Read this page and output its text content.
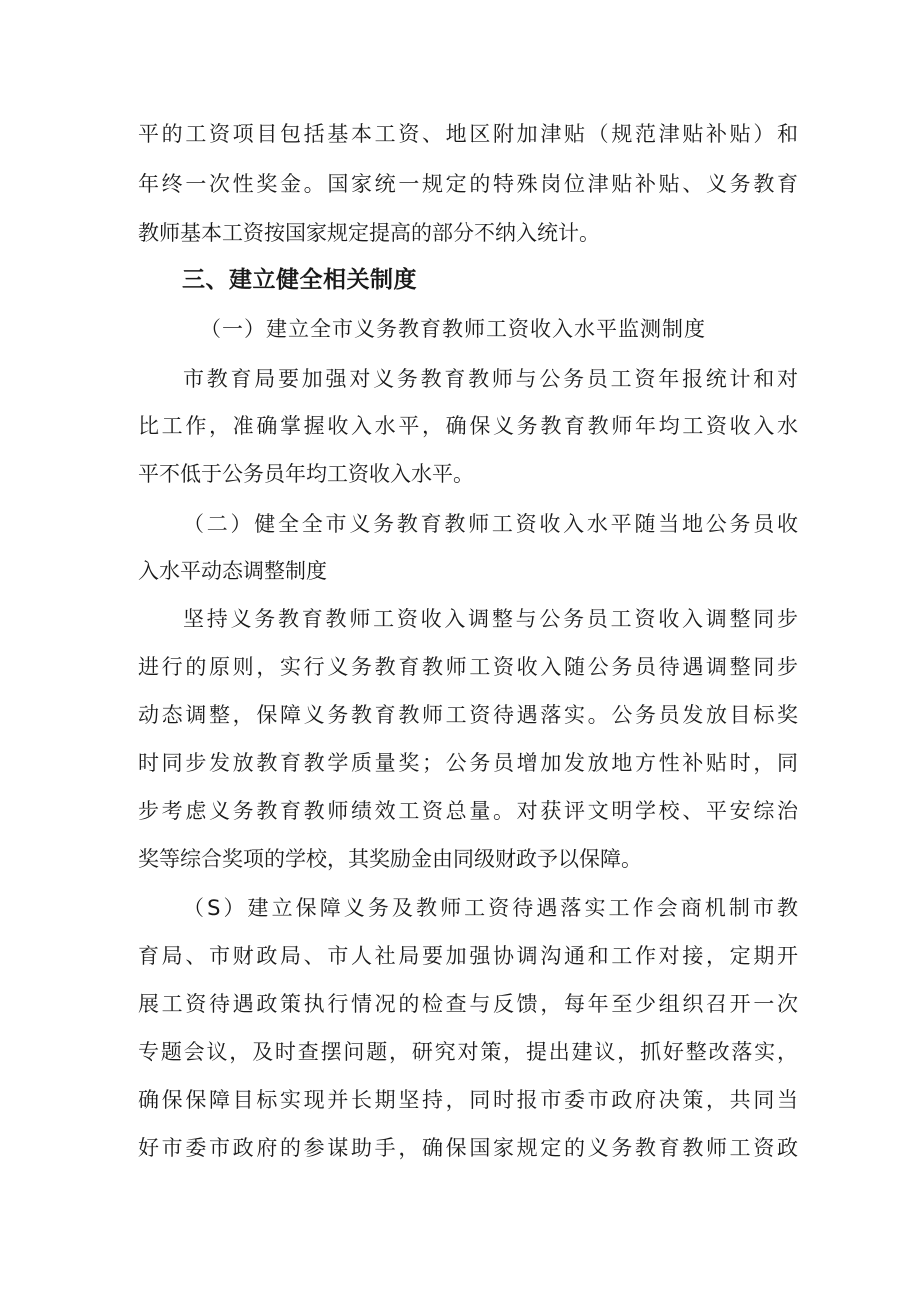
平的工资项目包括基本工资、地区附加津贴（规范津贴补贴）和
年终一次性奖金。国家统一规定的特殊岗位津贴补贴、义务教育
教师基本工资按国家规定提高的部分不纳入统计。
三、建立健全相关制度
（一）建立全市义务教育教师工资收入水平监测制度
市教育局要加强对义务教育教师与公务员工资年报统计和对
比工作，准确掌握收入水平，确保义务教育教师年均工资收入水
平不低于公务员年均工资收入水平。
（二）健全全市义务教育教师工资收入水平随当地公务员收
入水平动态调整制度
坚持义务教育教师工资收入调整与公务员工资收入调整同步
进行的原则，实行义务教育教师工资收入随公务员待遇调整同步
动态调整，保障义务教育教师工资待遇落实。公务员发放目标奖
时同步发放教育教学质量奖；公务员增加发放地方性补贴时，同
步考虑义务教育教师绩效工资总量。对获评文明学校、平安综治
奖等综合奖项的学校，其奖励金由同级财政予以保障。
（S）建立保障义务及教师工资待遇落实工作会商机制市教
育局、市财政局、市人社局要加强协调沟通和工作对接，定期开
展工资待遇政策执行情况的检查与反馈，每年至少组织召开一次
专题会议，及时查摆问题，研究对策，提出建议，抓好整改落实，
确保保障目标实现并长期坚持，同时报市委市政府决策，共同当
好市委市政府的参谋助手，确保国家规定的义务教育教师工资政
